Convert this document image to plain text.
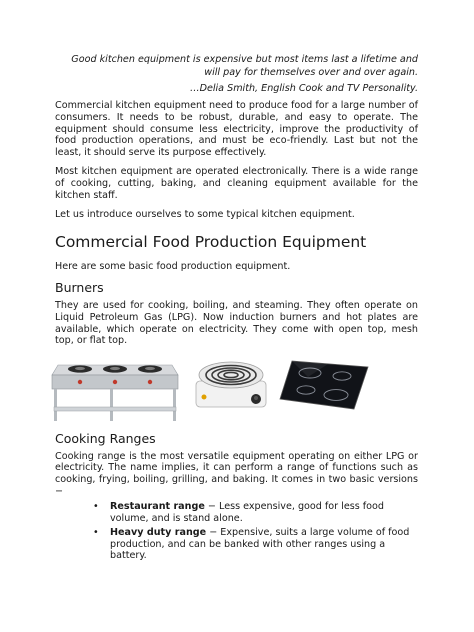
Good kitchen equipment is expensive but most items last a lifetime and will pay for themselves over and over again.

…Delia Smith, English Cook and TV Personality.

Commercial kitchen equipment need to produce food for a large number of consumers. It needs to be robust, durable, and easy to operate. The equipment should consume less electricity, improve the productivity of food production operations, and must be eco-friendly. Last but not the least, it should serve its purpose effectively.

Most kitchen equipment are operated electronically. There is a wide range of cooking, cutting, baking, and cleaning equipment available for the kitchen staff.

Let us introduce ourselves to some typical kitchen equipment.

Commercial Food Production Equipment

Here are some basic food production equipment.

Burners

They are used for cooking, boiling, and steaming. They often operate on Liquid Petroleum Gas (LPG). Now induction burners and hot plates are available, which operate on electricity. They come with open top, mesh top, or flat top.

Cooking Ranges

Cooking range is the most versatile equipment operating on either LPG or electricity. The name implies, it can perform a range of functions such as cooking, frying, boiling, grilling, and baking. It comes in two basic versions −

• Restaurant range − Less expensive, good for less food volume, and is stand alone.
• Heavy duty range − Expensive, suits a large volume of food production, and can be banked with other ranges using a battery.
